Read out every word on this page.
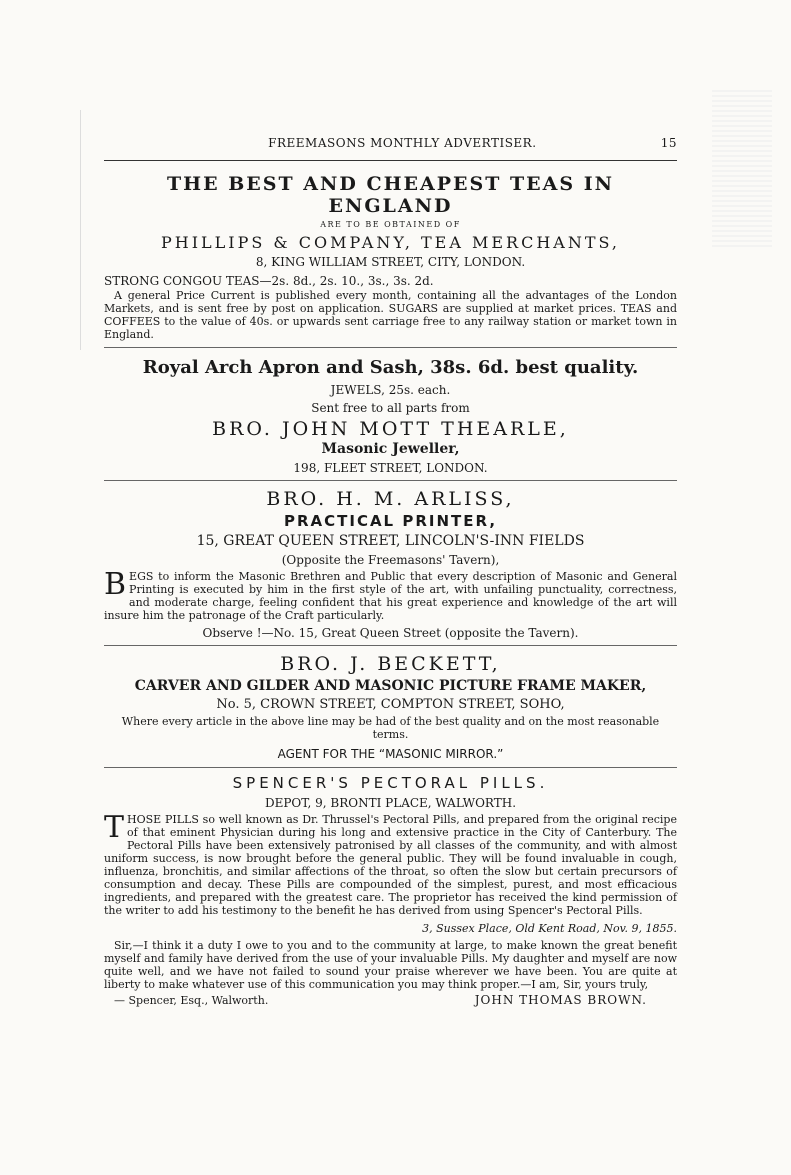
FREEMASONS MONTHLY ADVERTISER.	15
THE BEST AND CHEAPEST TEAS IN ENGLAND
ARE TO BE OBTAINED OF
PHILLIPS & COMPANY, TEA MERCHANTS,
8, KING WILLIAM STREET, CITY, LONDON.
STRONG CONGOU TEAS—2s. 8d., 2s. 10., 3s., 3s. 2d.

A general Price Current is published every month, containing all the advantages of the London Markets, and is sent free by post on application. SUGARS are supplied at market prices. TEAS and COFFEES to the value of 40s. or upwards sent carriage free to any railway station or market town in England.

Royal Arch Apron and Sash, 38s. 6d. best quality.
JEWELS, 25s. each.
Sent free to all parts from
BRO. JOHN MOTT THEARLE,
Masonic Jeweller,
198, FLEET STREET, LONDON.
BRO. H. M. ARLISS,
PRACTICAL PRINTER,
15, GREAT QUEEN STREET, LINCOLN'S-INN FIELDS
(Opposite the Freemasons' Tavern),

BEGS to inform the Masonic Brethren and Public that every description of Masonic and General Printing is executed by him in the first style of the art, with unfailing punctuality, correctness, and moderate charge, feeling confident that his great experience and knowledge of the art will insure him the patronage of the Craft particularly.

Observe !—No. 15, Great Queen Street (opposite the Tavern).
BRO. J. BECKETT,
CARVER AND GILDER AND MASONIC PICTURE FRAME MAKER,
No. 5, CROWN STREET, COMPTON STREET, SOHO,

Where every article in the above line may be had of the best quality and on the most reasonable terms.

AGENT FOR THE “MASONIC MIRROR.”
SPENCER'S PECTORAL PILLS.
DEPOT, 9, BRONTI PLACE, WALWORTH.

THOSE PILLS so well known as Dr. Thrussel's Pectoral Pills, and prepared from the original recipe of that eminent Physician during his long and extensive practice in the City of Canterbury. The Pectoral Pills have been extensively patronised by all classes of the community, and with almost uniform success, is now brought before the general public. They will be found invaluable in cough, influenza, bronchitis, and similar affections of the throat, so often the slow but certain precursors of consumption and decay. These Pills are compounded of the simplest, purest, and most efficacious ingredients, and prepared with the greatest care. The proprietor has received the kind permission of the writer to add his testimony to the benefit he has derived from using Spencer's Pectoral Pills.

3, Sussex Place, Old Kent Road, Nov. 9, 1855.

Sir,—I think it a duty I owe to you and to the community at large, to make known the great benefit myself and family have derived from the use of your invaluable Pills. My daughter and myself are now quite well, and we have not failed to sound your praise wherever we have been. You are quite at liberty to make whatever use of this communication you may think proper.—I am, Sir, yours truly,

— Spencer, Esq., Walworth.	JOHN THOMAS BROWN.
